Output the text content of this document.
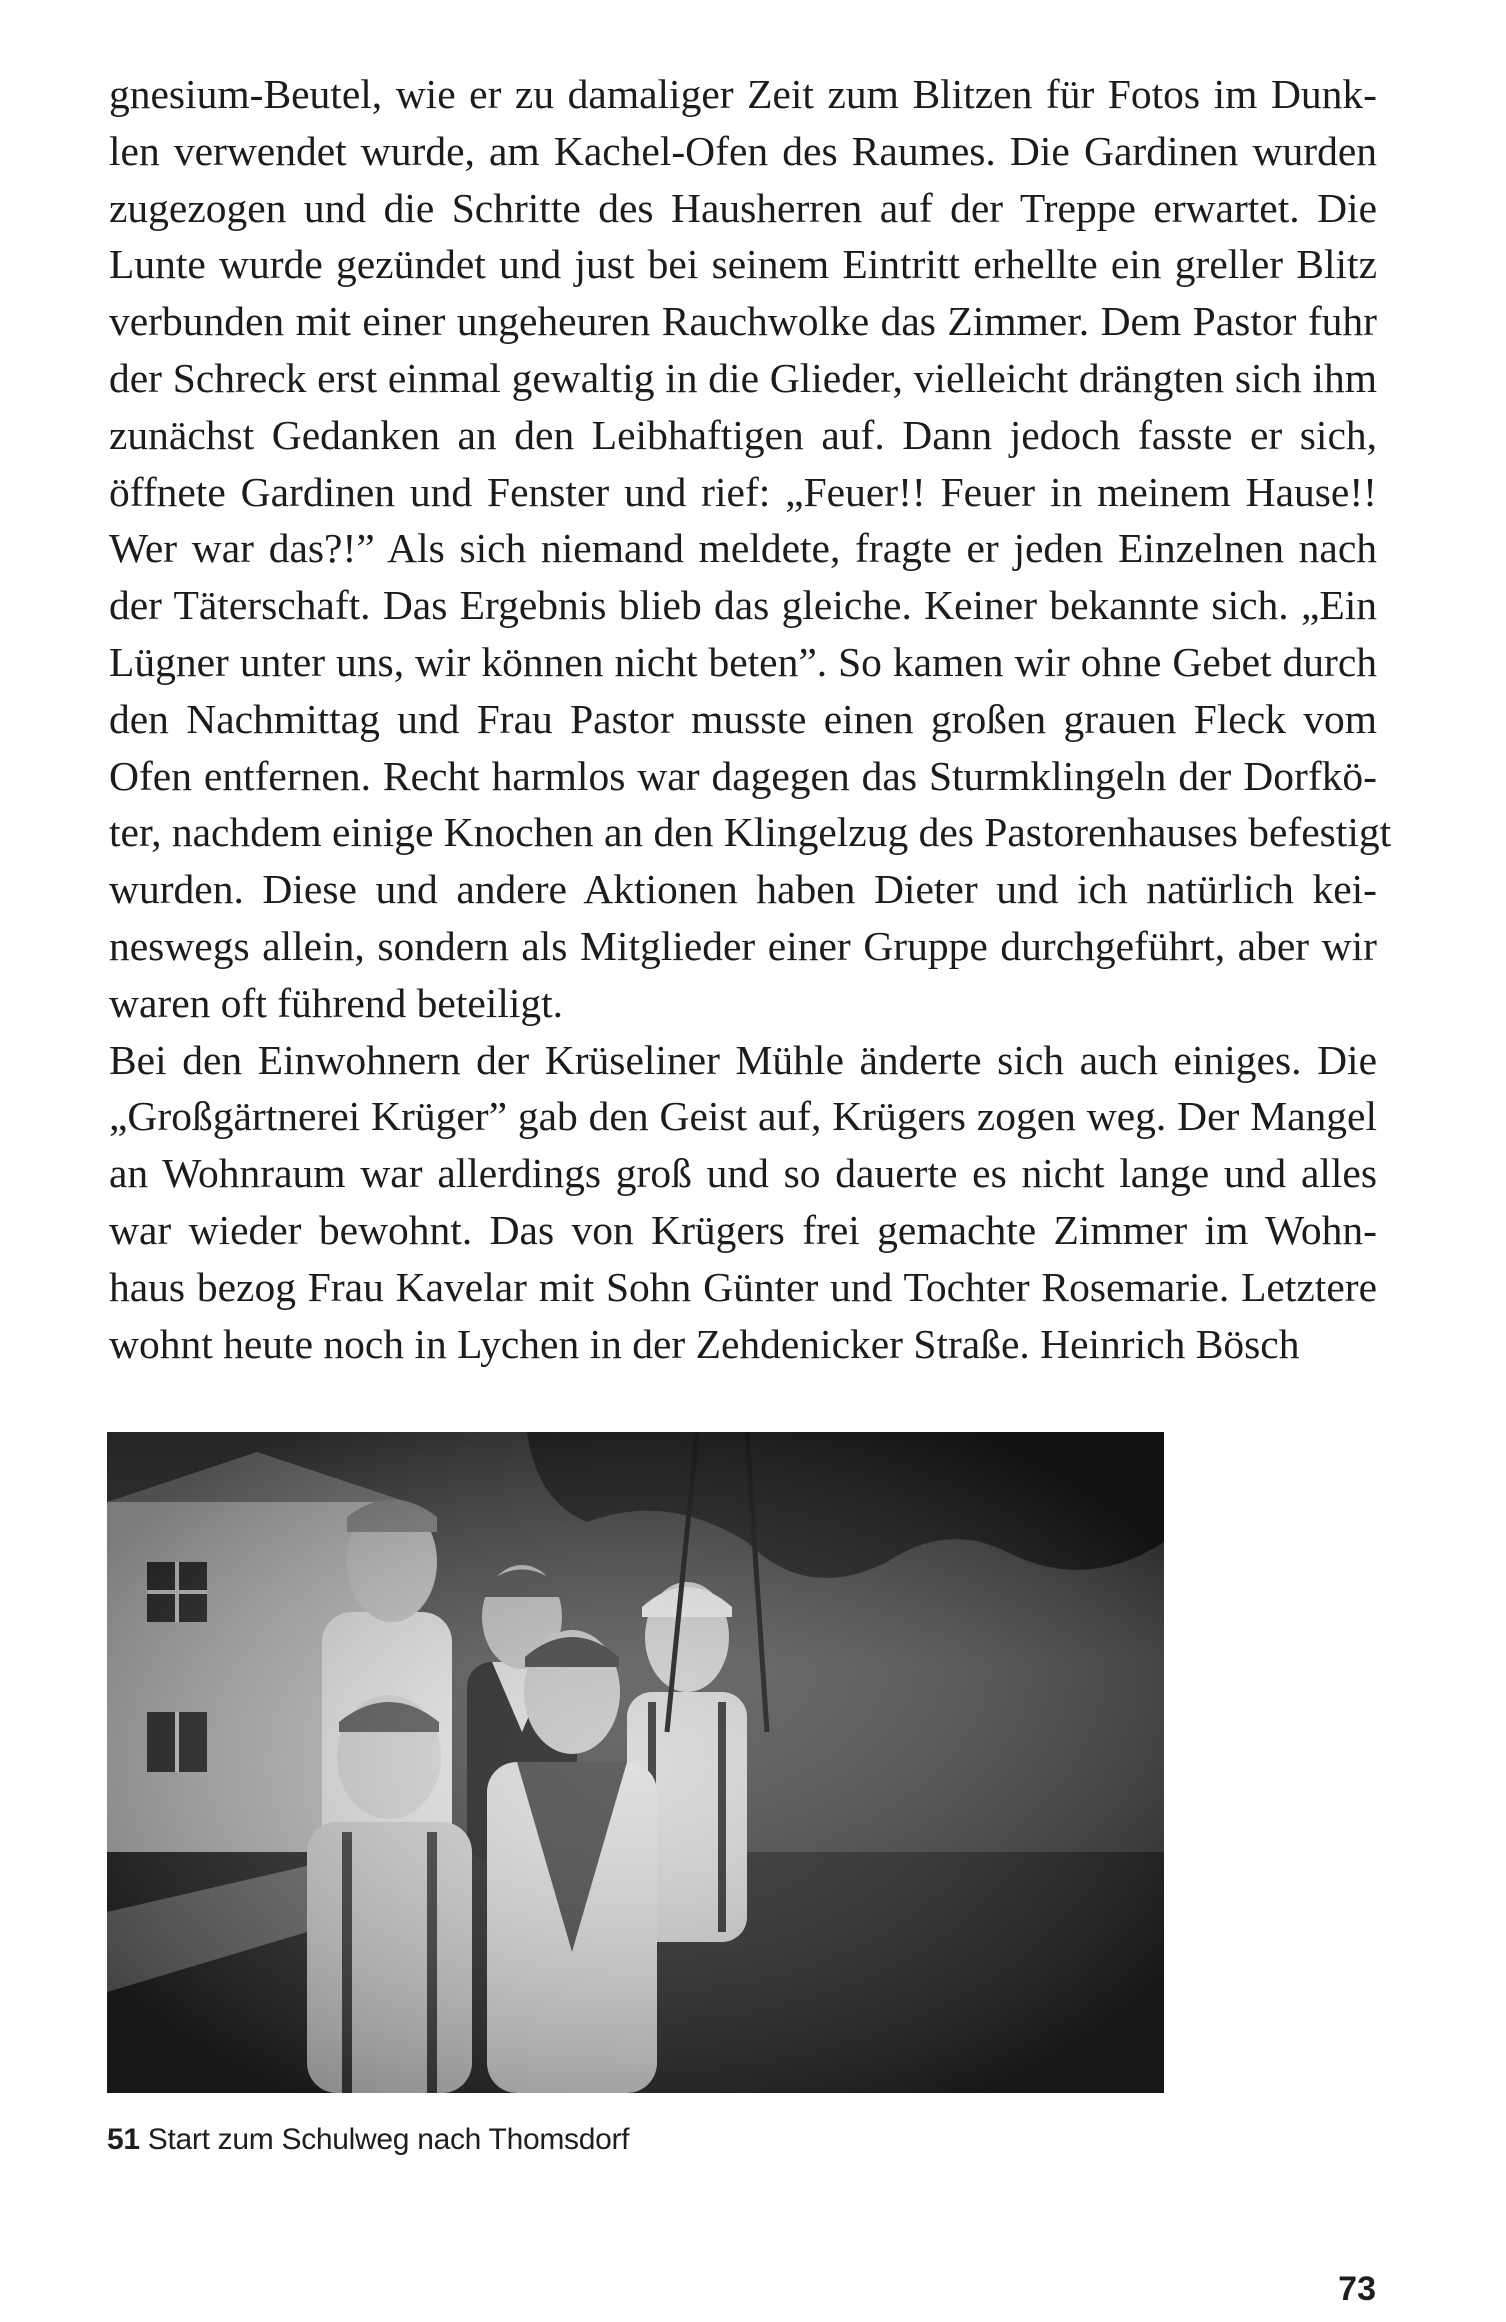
gnesium-Beutel, wie er zu damaliger Zeit zum Blitzen für Fotos im Dunk-
len verwendet wurde, am Kachel-Ofen des Raumes. Die Gardinen wurden
zugezogen und die Schritte des Hausherren auf der Treppe erwartet. Die
Lunte wurde gezündet und just bei seinem Eintritt erhellte ein greller Blitz
verbunden mit einer ungeheuren Rauchwolke das Zimmer. Dem Pastor fuhr
der Schreck erst einmal gewaltig in die Glieder, vielleicht drängten sich ihm
zunächst Gedanken an den Leibhaftigen auf. Dann jedoch fasste er sich,
öffnete Gardinen und Fenster und rief: „Feuer!! Feuer in meinem Hause!!
Wer war das?!” Als sich niemand meldete, fragte er jeden Einzelnen nach
der Täterschaft. Das Ergebnis blieb das gleiche. Keiner bekannte sich. „Ein
Lügner unter uns, wir können nicht beten”. So kamen wir ohne Gebet durch
den Nachmittag und Frau Pastor musste einen großen grauen Fleck vom
Ofen entfernen. Recht harmlos war dagegen das Sturmklingeln der Dorfkö-
ter, nachdem einige Knochen an den Klingelzug des Pastorenhauses befestigt
wurden. Diese und andere Aktionen haben Dieter und ich natürlich kei-
neswegs allein, sondern als Mitglieder einer Gruppe durchgeführt, aber wir
waren oft führend beteiligt.
Bei den Einwohnern der Krüseliner Mühle änderte sich auch einiges. Die
„Großgärtnerei Krüger” gab den Geist auf, Krügers zogen weg. Der Mangel
an Wohnraum war allerdings groß und so dauerte es nicht lange und alles
war wieder bewohnt. Das von Krügers frei gemachte Zimmer im Wohn-
haus bezog Frau Kavelar mit Sohn Günter und Tochter Rosemarie. Letztere
wohnt heute noch in Lychen in der Zehdenicker Straße. Heinrich Bösch
51 Start zum Schulweg nach Thomsdorf
73
